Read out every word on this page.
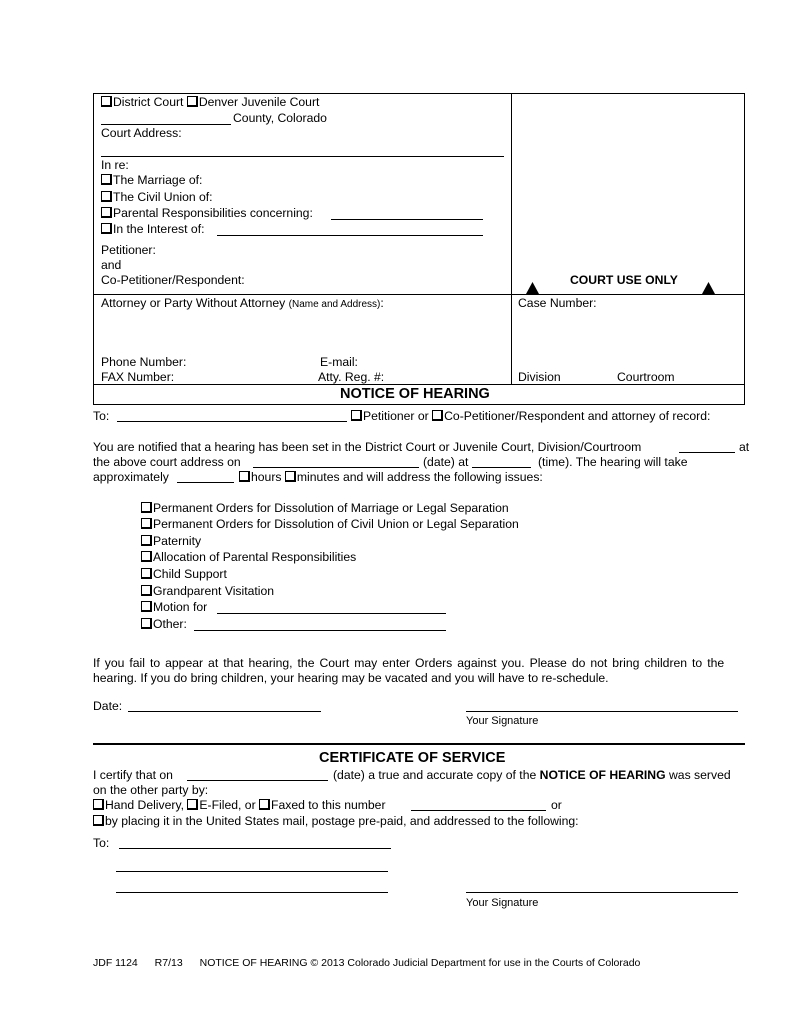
District Court Denver Juvenile Court
County, Colorado
Court Address:
In re:
The Marriage of:
The Civil Union of:
Parental Responsibilities concerning:
In the Interest of:
Petitioner:
and
Co-Petitioner/Respondent:	COURT USE ONLY
Attorney or Party Without Attorney (Name and Address):	Case Number:
Phone Number:	E-mail:
FAX Number:	Atty. Reg. #:	Division	Courtroom
NOTICE OF HEARING
To:	Petitioner or Co-Petitioner/Respondent and attorney of record:
You are notified that a hearing has been set in the District Court or Juvenile Court, Division/Courtroom	at
the above court address on	(date) at	(time). The hearing will take
approximately	hours minutes and will address the following issues:
Permanent Orders for Dissolution of Marriage or Legal Separation
Permanent Orders for Dissolution of Civil Union or Legal Separation
Paternity
Allocation of Parental Responsibilities
Child Support
Grandparent Visitation
Motion for
Other:
If you fail to appear at that hearing, the Court may enter Orders against you. Please do not bring children to the
hearing. If you do bring children, your hearing may be vacated and you will have to re-schedule.
Date:
Your Signature
CERTIFICATE OF SERVICE
I certify that on	(date) a true and accurate copy of the NOTICE OF HEARING was served
on the other party by:
Hand Delivery, E-Filed, or Faxed to this number	or
by placing it in the United States mail, postage pre-paid, and addressed to the following:
To:
Your Signature
JDF 1124 R7/13 NOTICE OF HEARING © 2013 Colorado Judicial Department for use in the Courts of Colorado
